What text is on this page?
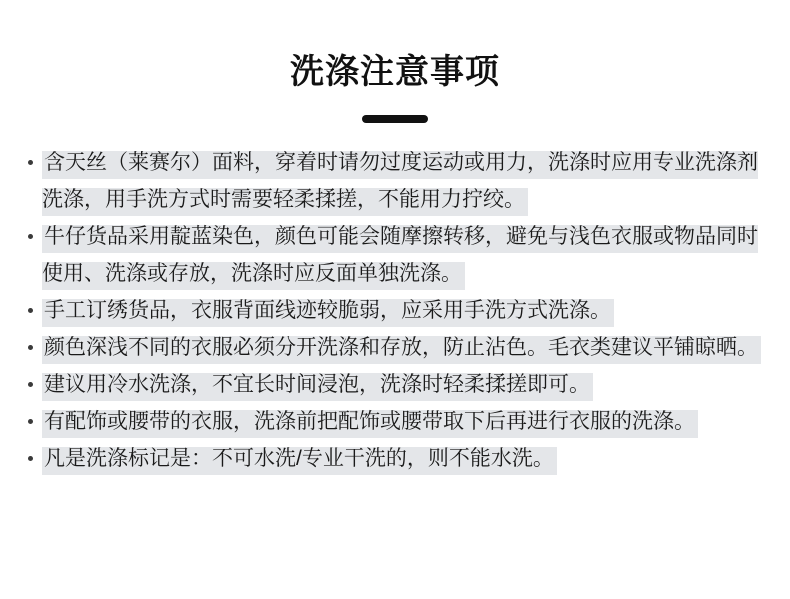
洗涤注意事项
含天丝（莱赛尔）面料，穿着时请勿过度运动或用力，洗涤时应用专业洗涤剂洗涤，用手洗方式时需要轻柔揉搓，不能用力拧绞。
牛仔货品采用靛蓝染色，颜色可能会随摩擦转移，避免与浅色衣服或物品同时使用、洗涤或存放，洗涤时应反面单独洗涤。
手工订绣货品，衣服背面线迹较脆弱，应采用手洗方式洗涤。
颜色深浅不同的衣服必须分开洗涤和存放，防止沾色。毛衣类建议平铺晾晒。
建议用冷水洗涤，不宜长时间浸泡，洗涤时轻柔揉搓即可。
有配饰或腰带的衣服，洗涤前把配饰或腰带取下后再进行衣服的洗涤。
凡是洗涤标记是：不可水洗/专业干洗的，则不能水洗。
